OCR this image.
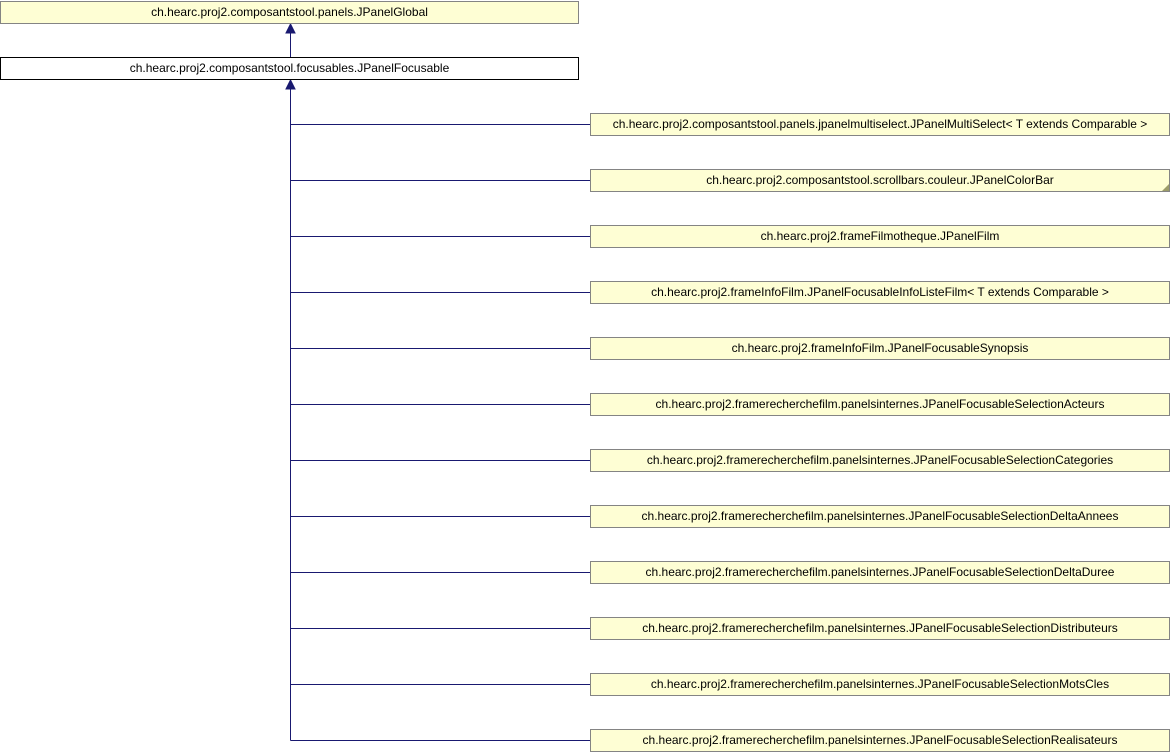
ch.hearc.proj2.composantstool.panels.JPanelGlobal
ch.hearc.proj2.composantstool.focusables.JPanelFocusable
ch.hearc.proj2.composantstool.panels.jpanelmultiselect.JPanelMultiSelect< T extends Comparable >
ch.hearc.proj2.composantstool.scrollbars.couleur.JPanelColorBar
ch.hearc.proj2.frameFilmotheque.JPanelFilm
ch.hearc.proj2.frameInfoFilm.JPanelFocusableInfoListeFilm< T extends Comparable >
ch.hearc.proj2.frameInfoFilm.JPanelFocusableSynopsis
ch.hearc.proj2.framerecherchefilm.panelsinternes.JPanelFocusableSelectionActeurs
ch.hearc.proj2.framerecherchefilm.panelsinternes.JPanelFocusableSelectionCategories
ch.hearc.proj2.framerecherchefilm.panelsinternes.JPanelFocusableSelectionDeltaAnnees
ch.hearc.proj2.framerecherchefilm.panelsinternes.JPanelFocusableSelectionDeltaDuree
ch.hearc.proj2.framerecherchefilm.panelsinternes.JPanelFocusableSelectionDistributeurs
ch.hearc.proj2.framerecherchefilm.panelsinternes.JPanelFocusableSelectionMotsCles
ch.hearc.proj2.framerecherchefilm.panelsinternes.JPanelFocusableSelectionRealisateurs
